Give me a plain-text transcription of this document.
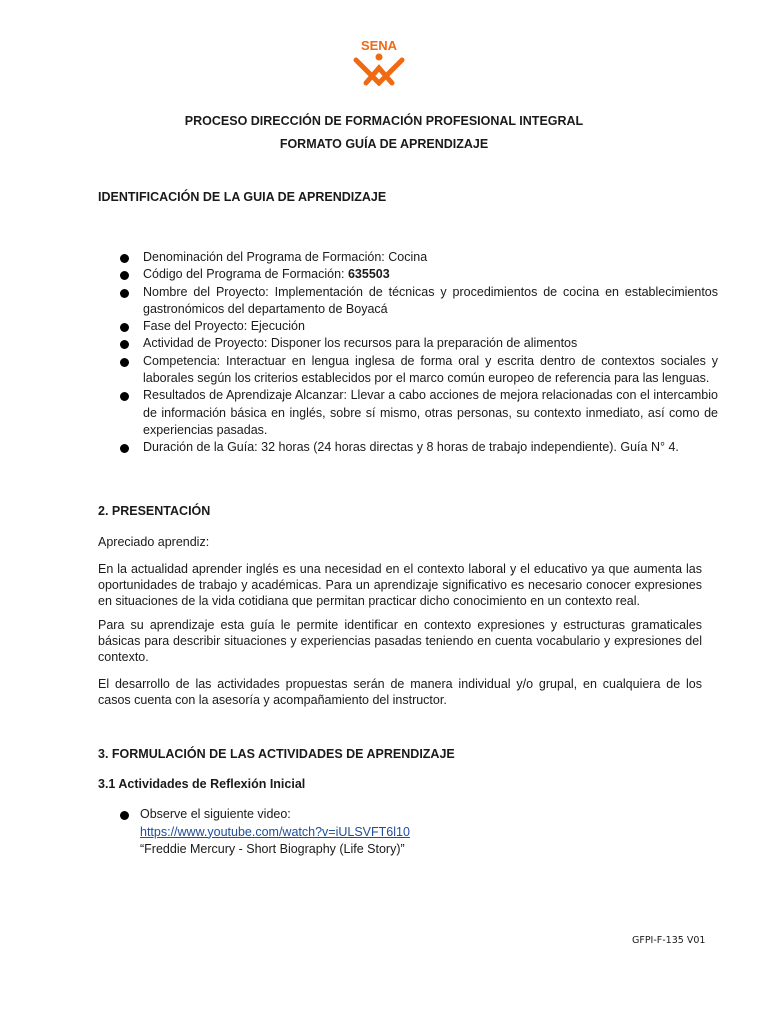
SENA
PROCESO DIRECCIÓN DE FORMACIÓN PROFESIONAL INTEGRAL
FORMATO GUÍA DE APRENDIZAJE
IDENTIFICACIÓN DE LA GUIA DE APRENDIZAJE
Denominación del Programa de Formación: Cocina
Código del Programa de Formación: 635503
Nombre del Proyecto: Implementación de técnicas y procedimientos de cocina en establecimientos gastronómicos del departamento de Boyacá
Fase del Proyecto: Ejecución
Actividad de Proyecto: Disponer los recursos para la preparación de alimentos
Competencia: Interactuar en lengua inglesa de forma oral y escrita dentro de contextos sociales y laborales según los criterios establecidos por el marco común europeo de referencia para las lenguas.
Resultados de Aprendizaje Alcanzar: Llevar a cabo acciones de mejora relacionadas con el intercambio de información básica en inglés, sobre sí mismo, otras personas, su contexto inmediato, así como de experiencias pasadas.
Duración de la Guía: 32 horas (24 horas directas y 8 horas de trabajo independiente). Guía N° 4.
2. PRESENTACIÓN

Apreciado aprendiz:

En la actualidad aprender inglés es una necesidad en el contexto laboral y el educativo ya que aumenta las oportunidades de trabajo y académicas. Para un aprendizaje significativo es necesario conocer expresiones en situaciones de la vida cotidiana que permitan practicar dicho conocimiento en un contexto real.

Para su aprendizaje esta guía le permite identificar en contexto expresiones y estructuras gramaticales básicas para describir situaciones y experiencias pasadas teniendo en cuenta vocabulario y expresiones del contexto.

El desarrollo de las actividades propuestas serán de manera individual y/o grupal, en cualquiera de los casos cuenta con la asesoría y acompañamiento del instructor.

3. FORMULACIÓN DE LAS ACTIVIDADES DE APRENDIZAJE
3.1 Actividades de Reflexión Inicial
Observe el siguiente video:
https://www.youtube.com/watch?v=iULSVFT6l10
“Freddie Mercury - Short Biography (Life Story)”
GFPI-F-135 V01
